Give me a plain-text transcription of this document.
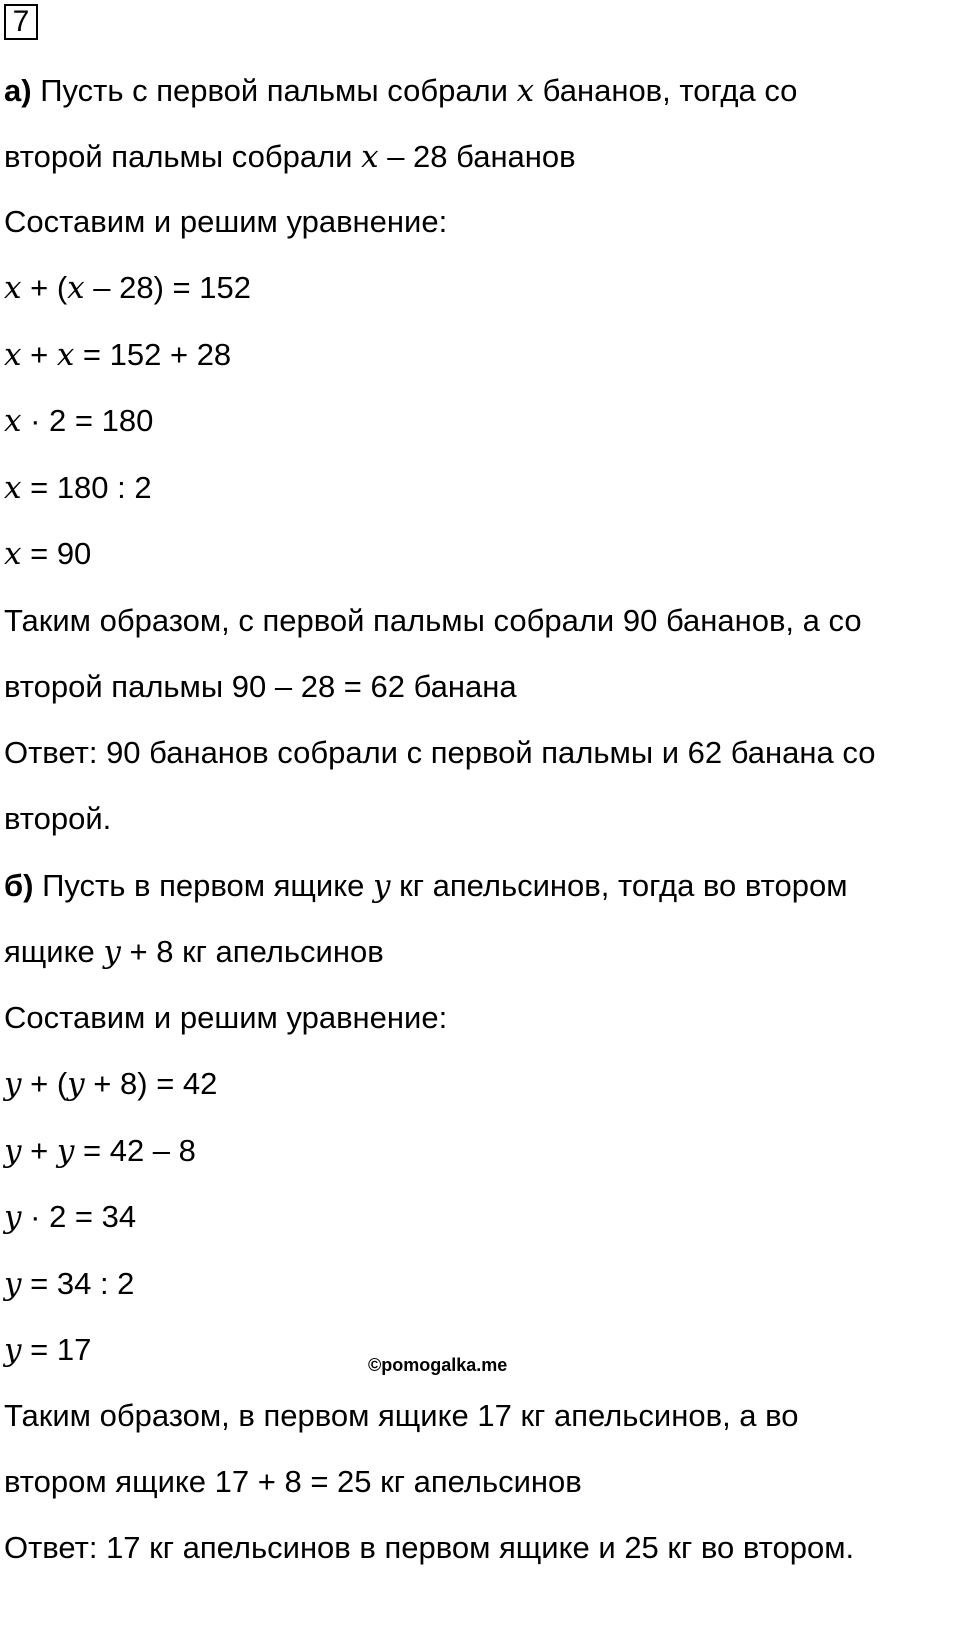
7
а) Пусть с первой пальмы собрали x бананов, тогда со
второй пальмы собрали x – 28 бананов
Составим и решим уравнение:
x + (x – 28) = 152
x + x = 152 + 28
x · 2 = 180
x = 180 : 2
x = 90
Таким образом, с первой пальмы собрали 90 бананов, а со
второй пальмы 90 – 28 = 62 банана
Ответ: 90 бананов собрали с первой пальмы и 62 банана со
второй.
б) Пусть в первом ящике y кг апельсинов, тогда во втором
ящике y + 8 кг апельсинов
Составим и решим уравнение:
y + (y + 8) = 42
y + y = 42 – 8
y · 2 = 34
y = 34 : 2
y = 17
Таким образом, в первом ящике 17 кг апельсинов, а во
втором ящике 17 + 8 = 25 кг апельсинов
Ответ: 17 кг апельсинов в первом ящике и 25 кг во втором.
©pomogalka.me
